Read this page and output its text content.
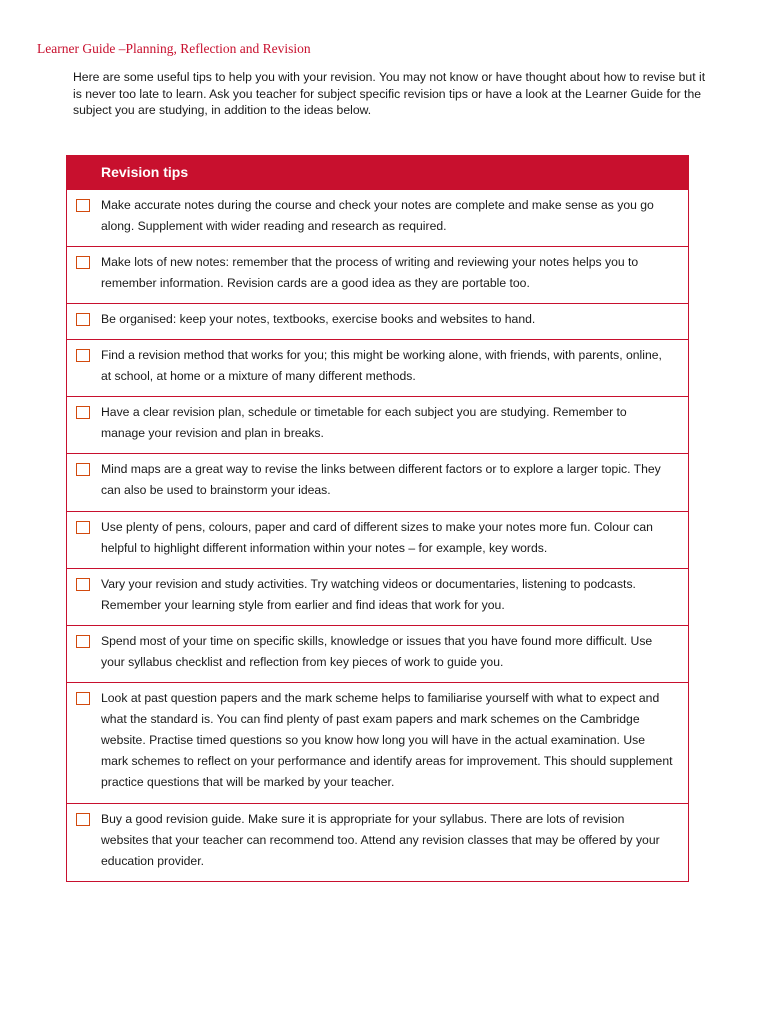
Learner Guide –Planning, Reflection and Revision
Here are some useful tips to help you with your revision. You may not know or have thought about how to revise but it is never too late to learn. Ask you teacher for subject specific revision tips or have a look at the Learner Guide for the subject you are studying, in addition to the ideas below.
Revision tips
Make accurate notes during the course and check your notes are complete and make sense as you go along. Supplement with wider reading and research as required.
Make lots of new notes: remember that the process of writing and reviewing your notes helps you to remember information. Revision cards are a good idea as they are portable too.
Be organised: keep your notes, textbooks, exercise books and websites to hand.
Find a revision method that works for you; this might be working alone, with friends, with parents, online, at school, at home or a mixture of many different methods.
Have a clear revision plan, schedule or timetable for each subject you are studying. Remember to manage your revision and plan in breaks.
Mind maps are a great way to revise the links between different factors or to explore a larger topic. They can also be used to brainstorm your ideas.
Use plenty of pens, colours, paper and card of different sizes to make your notes more fun. Colour can helpful to highlight different information within your notes – for example, key words.
Vary your revision and study activities. Try watching videos or documentaries, listening to podcasts. Remember your learning style from earlier and find ideas that work for you.
Spend most of your time on specific skills, knowledge or issues that you have found more difficult. Use your syllabus checklist and reflection from key pieces of work to guide you.
Look at past question papers and the mark scheme helps to familiarise yourself with what to expect and what the standard is. You can find plenty of past exam papers and mark schemes on the Cambridge website. Practise timed questions so you know how long you will have in the actual examination. Use mark schemes to reflect on your performance and identify areas for improvement. This should supplement practice questions that will be marked by your teacher.
Buy a good revision guide. Make sure it is appropriate for your syllabus. There are lots of revision websites that your teacher can recommend too. Attend any revision classes that may be offered by your education provider.
